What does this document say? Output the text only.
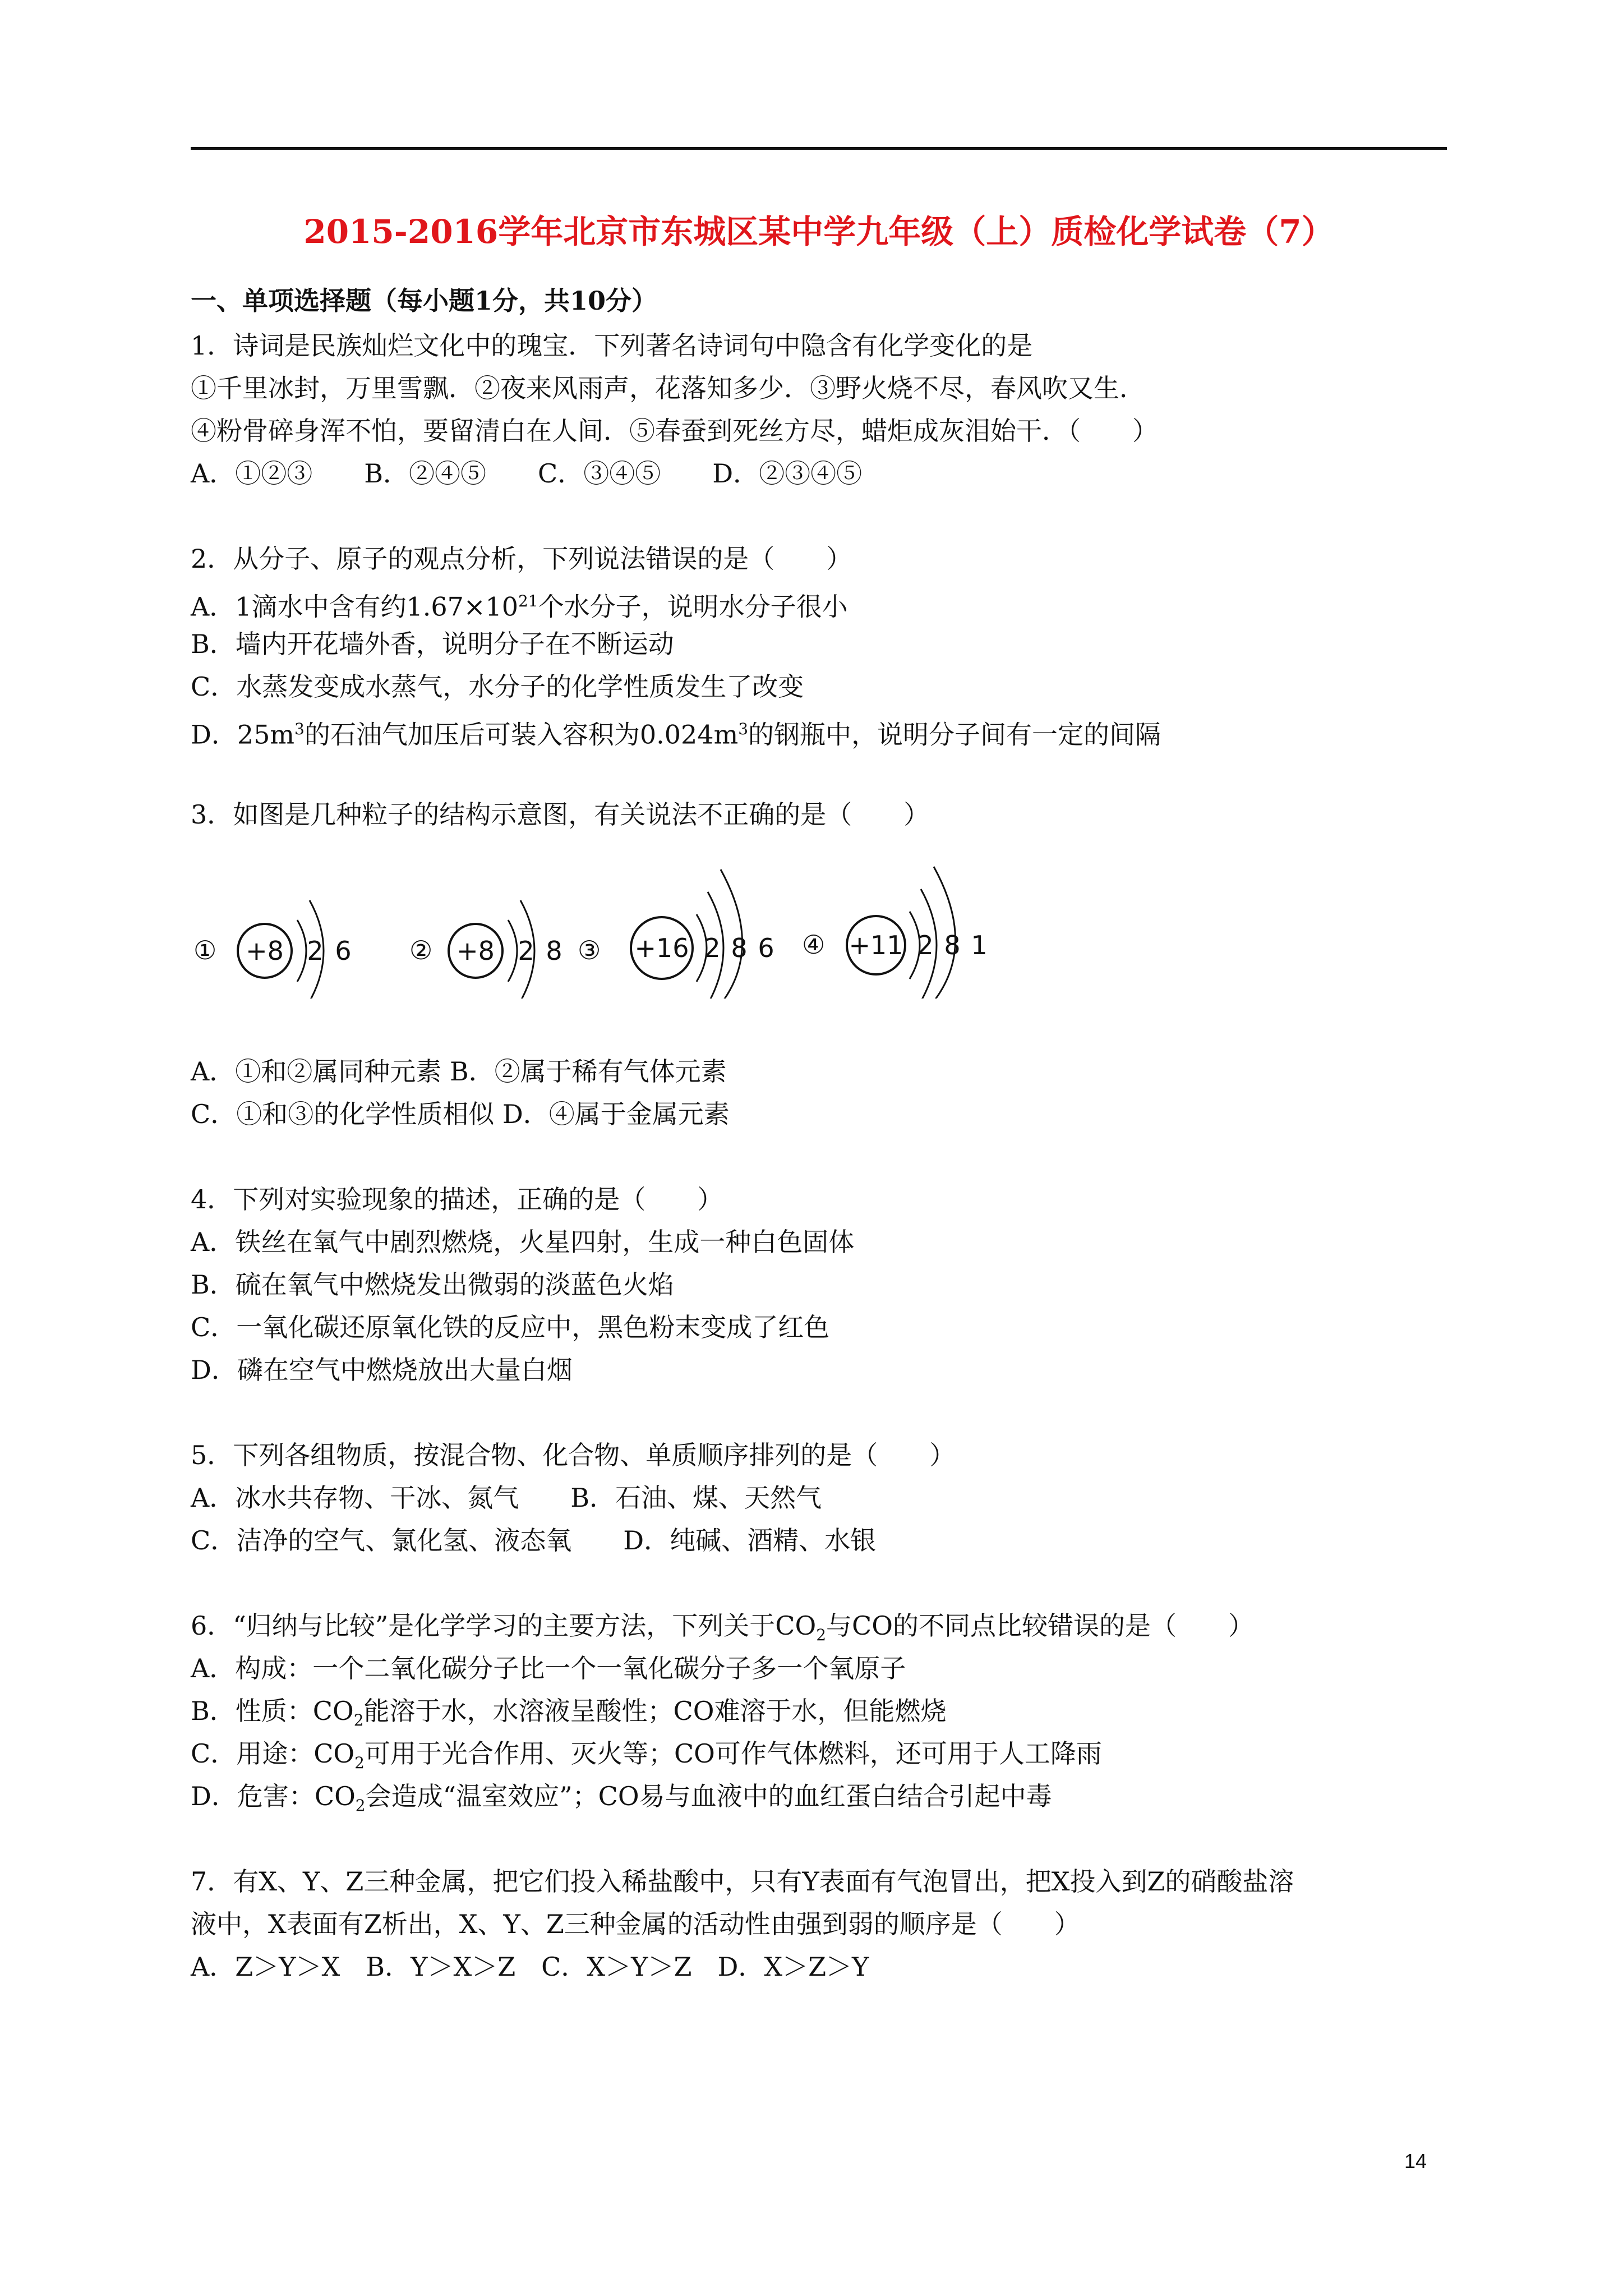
2015-2016学年北京市东城区某中学九年级（上）质检化学试卷（7）
一、单项选择题（每小题1分，共10分）
1．诗词是民族灿烂文化中的瑰宝．下列著名诗词句中隐含有化学变化的是
①千里冰封，万里雪飘．②夜来风雨声，花落知多少．③野火烧不尽，春风吹又生．
④粉骨碎身浑不怕，要留清白在人间．⑤春蚕到死丝方尽，蜡炬成灰泪始干．（　　）
A．①②③　　B．②④⑤　　C．③④⑤　　D．②③④⑤
2．从分子、原子的观点分析，下列说法错误的是（　　）
A．1滴水中含有约$1.67\times 10^{21}$个水分子，说明水分子很小
B．墙内开花墙外香，说明分子在不断运动
C．水蒸发变成水蒸气，水分子的化学性质发生了改变
D．$25m^3$的石油气加压后可装入容积为$0.024m^3$的钢瓶中，说明分子间有一定的间隔
3．如图是几种粒子的结构示意图，有关说法不正确的是（　　）
① +8 2 6 ② +8 2 8 ③ +16 2 8 6 ④ +11 2 8 1
A．①和②属同种元素 B．②属于稀有气体元素
C．①和③的化学性质相似 D．④属于金属元素
4．下列对实验现象的描述，正确的是（　　）
A．铁丝在氧气中剧烈燃烧，火星四射，生成一种白色固体
B．硫在氧气中燃烧发出微弱的淡蓝色火焰
C．一氧化碳还原氧化铁的反应中，黑色粉末变成了红色
D．磷在空气中燃烧放出大量白烟
5．下列各组物质，按混合物、化合物、单质顺序排列的是（　　）
A．冰水共存物、干冰、氮气　　B．石油、煤、天然气
C．洁净的空气、氯化氢、液态氧　　D．纯碱、酒精、水银
6．“归纳与比较”是化学学习的主要方法，下列关于$CO_2$与CO的不同点比较错误的是（　　）
A．构成：一个二氧化碳分子比一个一氧化碳分子多一个氧原子
B．性质：$CO_2$能溶于水，水溶液呈酸性；CO难溶于水，但能燃烧
C．用途：$CO_2$可用于光合作用、灭火等；CO可作气体燃料，还可用于人工降雨
D．危害：$CO_2$会造成“温室效应”；CO易与血液中的血红蛋白结合引起中毒
7．有X、Y、Z三种金属，把它们投入稀盐酸中，只有Y表面有气泡冒出，把X投入到Z的硝酸盐溶
液中，X表面有Z析出，X、Y、Z三种金属的活动性由强到弱的顺序是（　　）
A．Z＞Y＞X　B．Y＞X＞Z　C．X＞Y＞Z　D．X＞Z＞Y
14
